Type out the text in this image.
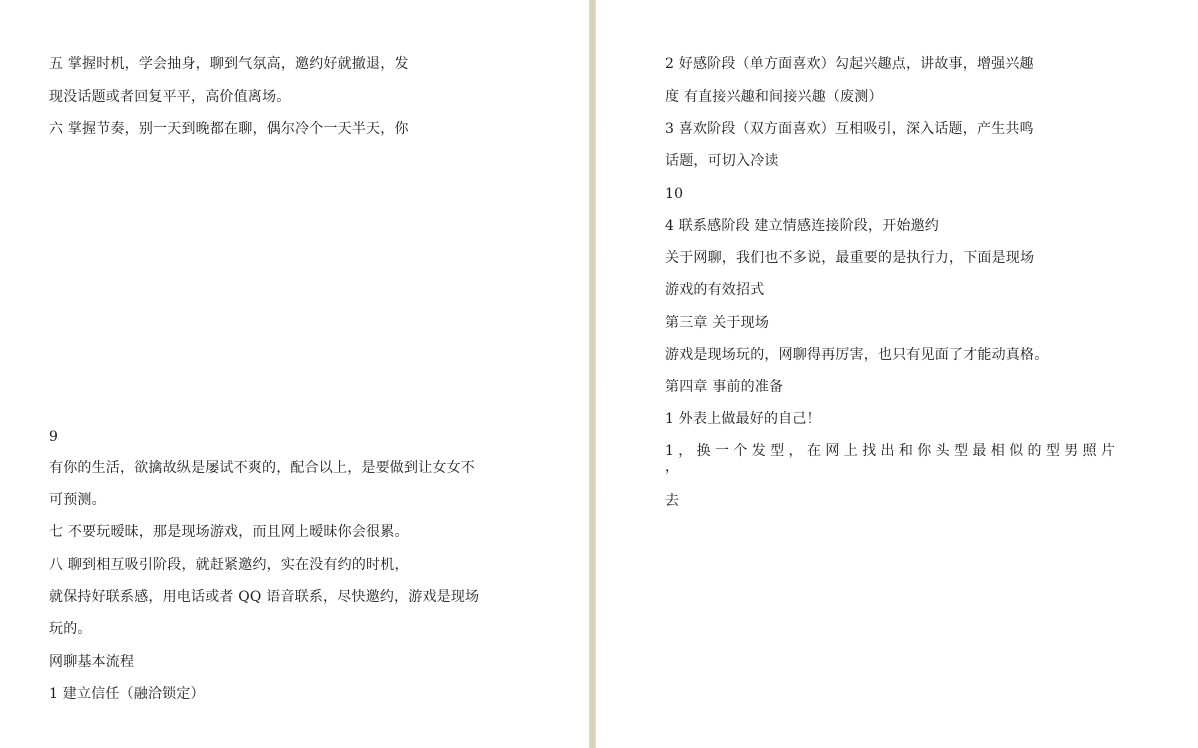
五 掌握时机，学会抽身，聊到气氛高，邀约好就撤退，发
现没话题或者回复平平，高价值离场。
六 掌握节奏，别一天到晚都在聊，偶尔冷个一天半天，你
9
有你的生活，欲擒故纵是屡试不爽的，配合以上，是要做到让女女不
可预测。
七 不要玩暧昧，那是现场游戏，而且网上暧昧你会很累。
八 聊到相互吸引阶段，就赶紧邀约，实在没有约的时机，
就保持好联系感，用电话或者 QQ 语音联系，尽快邀约，游戏是现场
玩的。
网聊基本流程
1 建立信任（融洽锁定）
2 好感阶段（单方面喜欢）勾起兴趣点，讲故事，增强兴趣
度 有直接兴趣和间接兴趣（废测）
3 喜欢阶段（双方面喜欢）互相吸引，深入话题，产生共鸣
话题，可切入冷读
10
4 联系感阶段 建立情感连接阶段，开始邀约
关于网聊，我们也不多说，最重要的是执行力，下面是现场
游戏的有效招式
第三章 关于现场
游戏是现场玩的，网聊得再厉害，也只有见面了才能动真格。
第四章 事前的准备
1 外表上做最好的自己！
1，换一个发型，在网上找出和你头型最相似的型男照片
，
去
